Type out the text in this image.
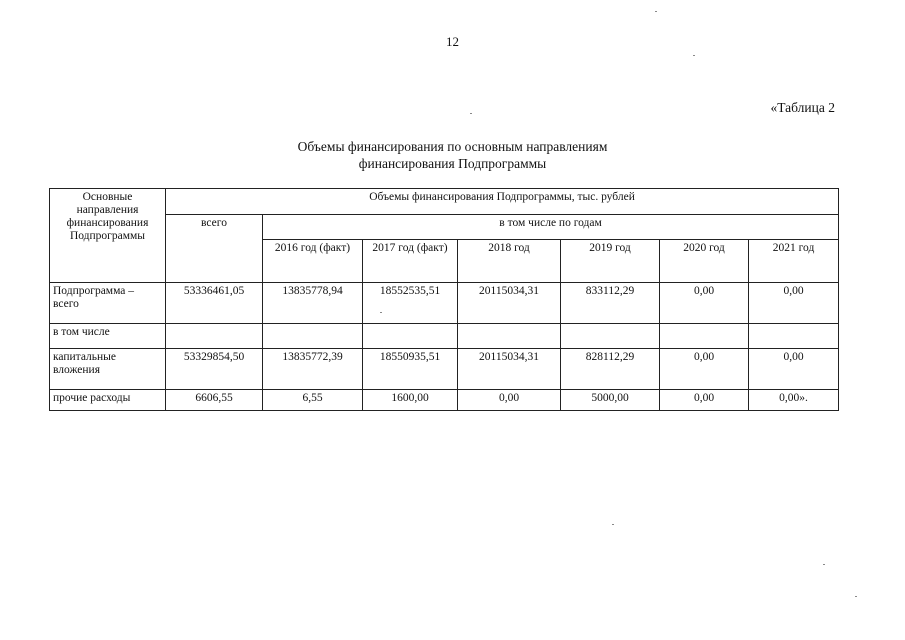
12
«Таблица 2
Объемы финансирования по основным направлениям
финансирования Подпрограммы
Основные направления финансирования Подпрограммы	Объемы финансирования Подпрограммы, тыс. рублей						
	всего	в том числе по годам					
		2016 год (факт)	2017 год (факт)	2018 год	2019 год	2020 год	2021 год
Подпрограмма – всего	53336461,05	13835778,94	18552535,51	20115034,31	833112,29	0,00	0,00
в том числе							
капитальные вложения	53329854,50	13835772,39	18550935,51	20115034,31	828112,29	0,00	0,00
прочие расходы	6606,55	6,55	1600,00	0,00	5000,00	0,00	0,00».
